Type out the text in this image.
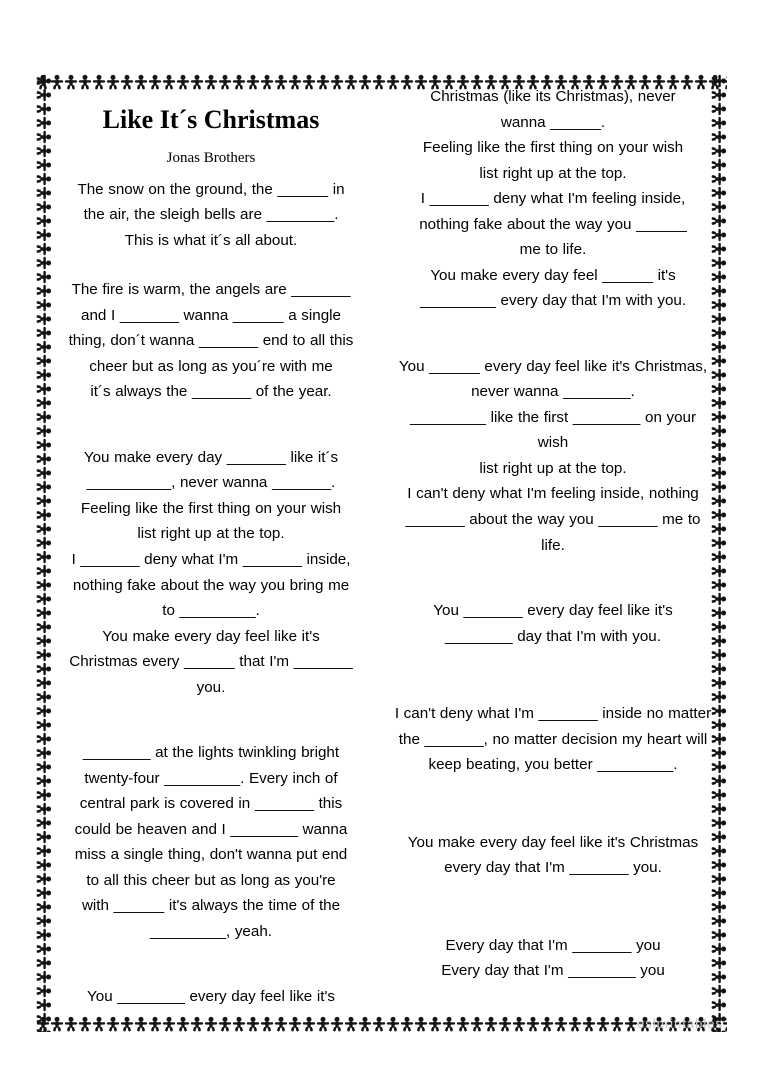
Like It´s Christmas
Jonas Brothers
The snow on the ground, the ______ in
the air, the sleigh bells are ________.
This is what it´s all about.
The fire is warm, the angels are _______
and I _______ wanna ______ a single
thing, don´t wanna _______ end to all this
cheer but as long as you´re with me
it´s always the _______ of the year.
You make every day _______ like it´s
__________, never wanna _______.
Feeling like the first thing on your wish
list right up at the top.
I _______ deny what I'm _______ inside,
nothing fake about the way you bring me
to _________.
You make every day feel like it's
Christmas every ______ that I'm _______
you.
________ at the lights twinkling bright
twenty-four _________. Every inch of
central park is covered in _______ this
could be heaven and I ________ wanna
miss a single thing, don't wanna put end
to all this cheer but as long as you're
with ______ it's always the time of the
_________, yeah.
You ________ every day feel like it's
Christmas (like its Christmas), never
wanna ______.
Feeling like the first thing on your wish
list right up at the top.
I _______ deny what I'm feeling inside,
nothing fake about the way you ______
me to life.
You make every day feel ______ it's
_________ every day that I'm with you.
You ______ every day feel like it's Christmas,
never wanna ________.
_________ like the first ________ on your wish
list right up at the top.
I can't deny what I'm feeling inside, nothing
_______ about the way you _______ me to life.
You _______ every day feel like it's
________ day that I'm with you.
I can't deny what I'm _______ inside no matter
the _______, no matter decision my heart will
keep beating, you better _________.
You make every day feel like it's Christmas
every day that I'm _______ you.
Every day that I'm _______ you
Every day that I'm ________ you
eslprintables
